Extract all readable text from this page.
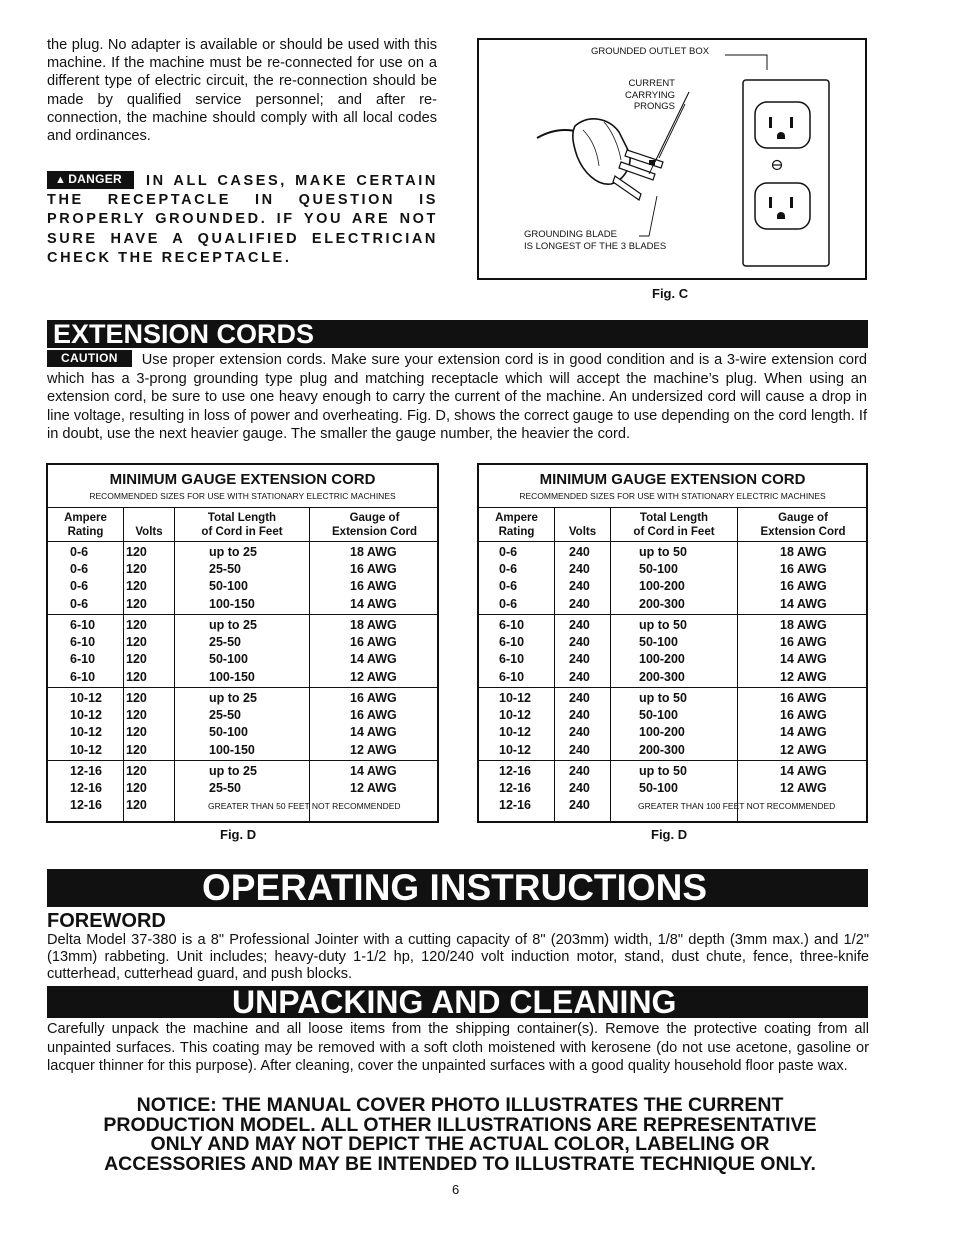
the plug. No adapter is available or should be used with this machine. If the machine must be re-connected for use on a different type of electric circuit, the re-connection should be made by qualified service personnel; and after re-connection, the machine should comply with all local codes and ordinances.
▲ DANGER IN ALL CASES, MAKE CERTAIN THE RECEPTACLE IN QUESTION IS PROPERLY GROUNDED. IF YOU ARE NOT SURE HAVE A QUALIFIED ELECTRICIAN CHECK THE RECEPTACLE.
GROUNDED OUTLET BOX
CURRENT
CARRYING
PRONGS
GROUNDING BLADE
IS LONGEST OF THE 3 BLADES
Fig. C
EXTENSION CORDS
CAUTION Use proper extension cords. Make sure your extension cord is in good condition and is a 3-wire extension cord which has a 3-prong grounding type plug and matching receptacle which will accept the machine’s plug. When using an extension cord, be sure to use one heavy enough to carry the current of the machine. An undersized cord will cause a drop in line voltage, resulting in loss of power and overheating. Fig. D, shows the correct gauge to use depending on the cord length. If in doubt, use the next heavier gauge. The smaller the gauge number, the heavier the cord.
MINIMUM GAUGE EXTENSION CORD
RECOMMENDED SIZES FOR USE WITH STATIONARY ELECTRIC MACHINES
Ampere
Rating	Volts
Total Length
of Cord in Feet
Gauge of
Extension Cord
GREATER THAN 50 FEET NOT RECOMMENDED
0-6	120	up to 25	18 AWG
0-6	120	25-50	16 AWG
0-6	120	50-100	16 AWG
0-6	120	100-150	14 AWG
6-10 120	up to 25	18 AWG
6-10 120	25-50	16 AWG
6-10 120	50-100	14 AWG
6-10 120	100-150	12 AWG
10-12 120	up to 25	16 AWG
10-12 120	25-50	16 AWG
10-12 120	50-100	14 AWG
10-12 120	100-150	12 AWG
12-16 120	up to 25	14 AWG
12-16 120	25-50	12 AWG
12-16 120
Fig. D
MINIMUM GAUGE EXTENSION CORD
RECOMMENDED SIZES FOR USE WITH STATIONARY ELECTRIC MACHINES
Ampere
Rating	Volts
Total Length
of Cord in Feet
Gauge of
Extension Cord
GREATER THAN 100 FEET NOT RECOMMENDED
0-6	240	up to 50	18 AWG
0-6	240	50-100	16 AWG
0-6	240	100-200	16 AWG
0-6	240	200-300	14 AWG
6-10	240	up to 50	18 AWG
6-10	240	50-100	16 AWG
6-10	240	100-200	14 AWG
6-10	240	200-300	12 AWG
10-12	240	up to 50	16 AWG
10-12	240	50-100	16 AWG
10-12	240	100-200	14 AWG
10-12	240	200-300	12 AWG
12-16	240	up to 50	14 AWG
12-16	240	50-100	12 AWG
12-16	240
Fig. D
OPERATING INSTRUCTIONS
FOREWORD
Delta Model 37-380 is a 8" Professional Jointer with a cutting capacity of 8" (203mm) width, 1/8" depth (3mm max.) and 1/2" (13mm) rabbeting. Unit includes; heavy-duty 1-1/2 hp, 120/240 volt induction motor, stand, dust chute, fence, three-knife cutterhead, cutterhead guard, and push blocks.
UNPACKING AND CLEANING
Carefully unpack the machine and all loose items from the shipping container(s). Remove the protective coating from all unpainted surfaces. This coating may be removed with a soft cloth moistened with kerosene (do not use acetone, gasoline or lacquer thinner for this purpose). After cleaning, cover the unpainted surfaces with a good quality household floor paste wax.
NOTICE: THE MANUAL COVER PHOTO ILLUSTRATES THE CURRENT
PRODUCTION MODEL. ALL OTHER ILLUSTRATIONS ARE REPRESENTATIVE
ONLY AND MAY NOT DEPICT THE ACTUAL COLOR, LABELING OR
ACCESSORIES AND MAY BE INTENDED TO ILLUSTRATE TECHNIQUE ONLY.
6
